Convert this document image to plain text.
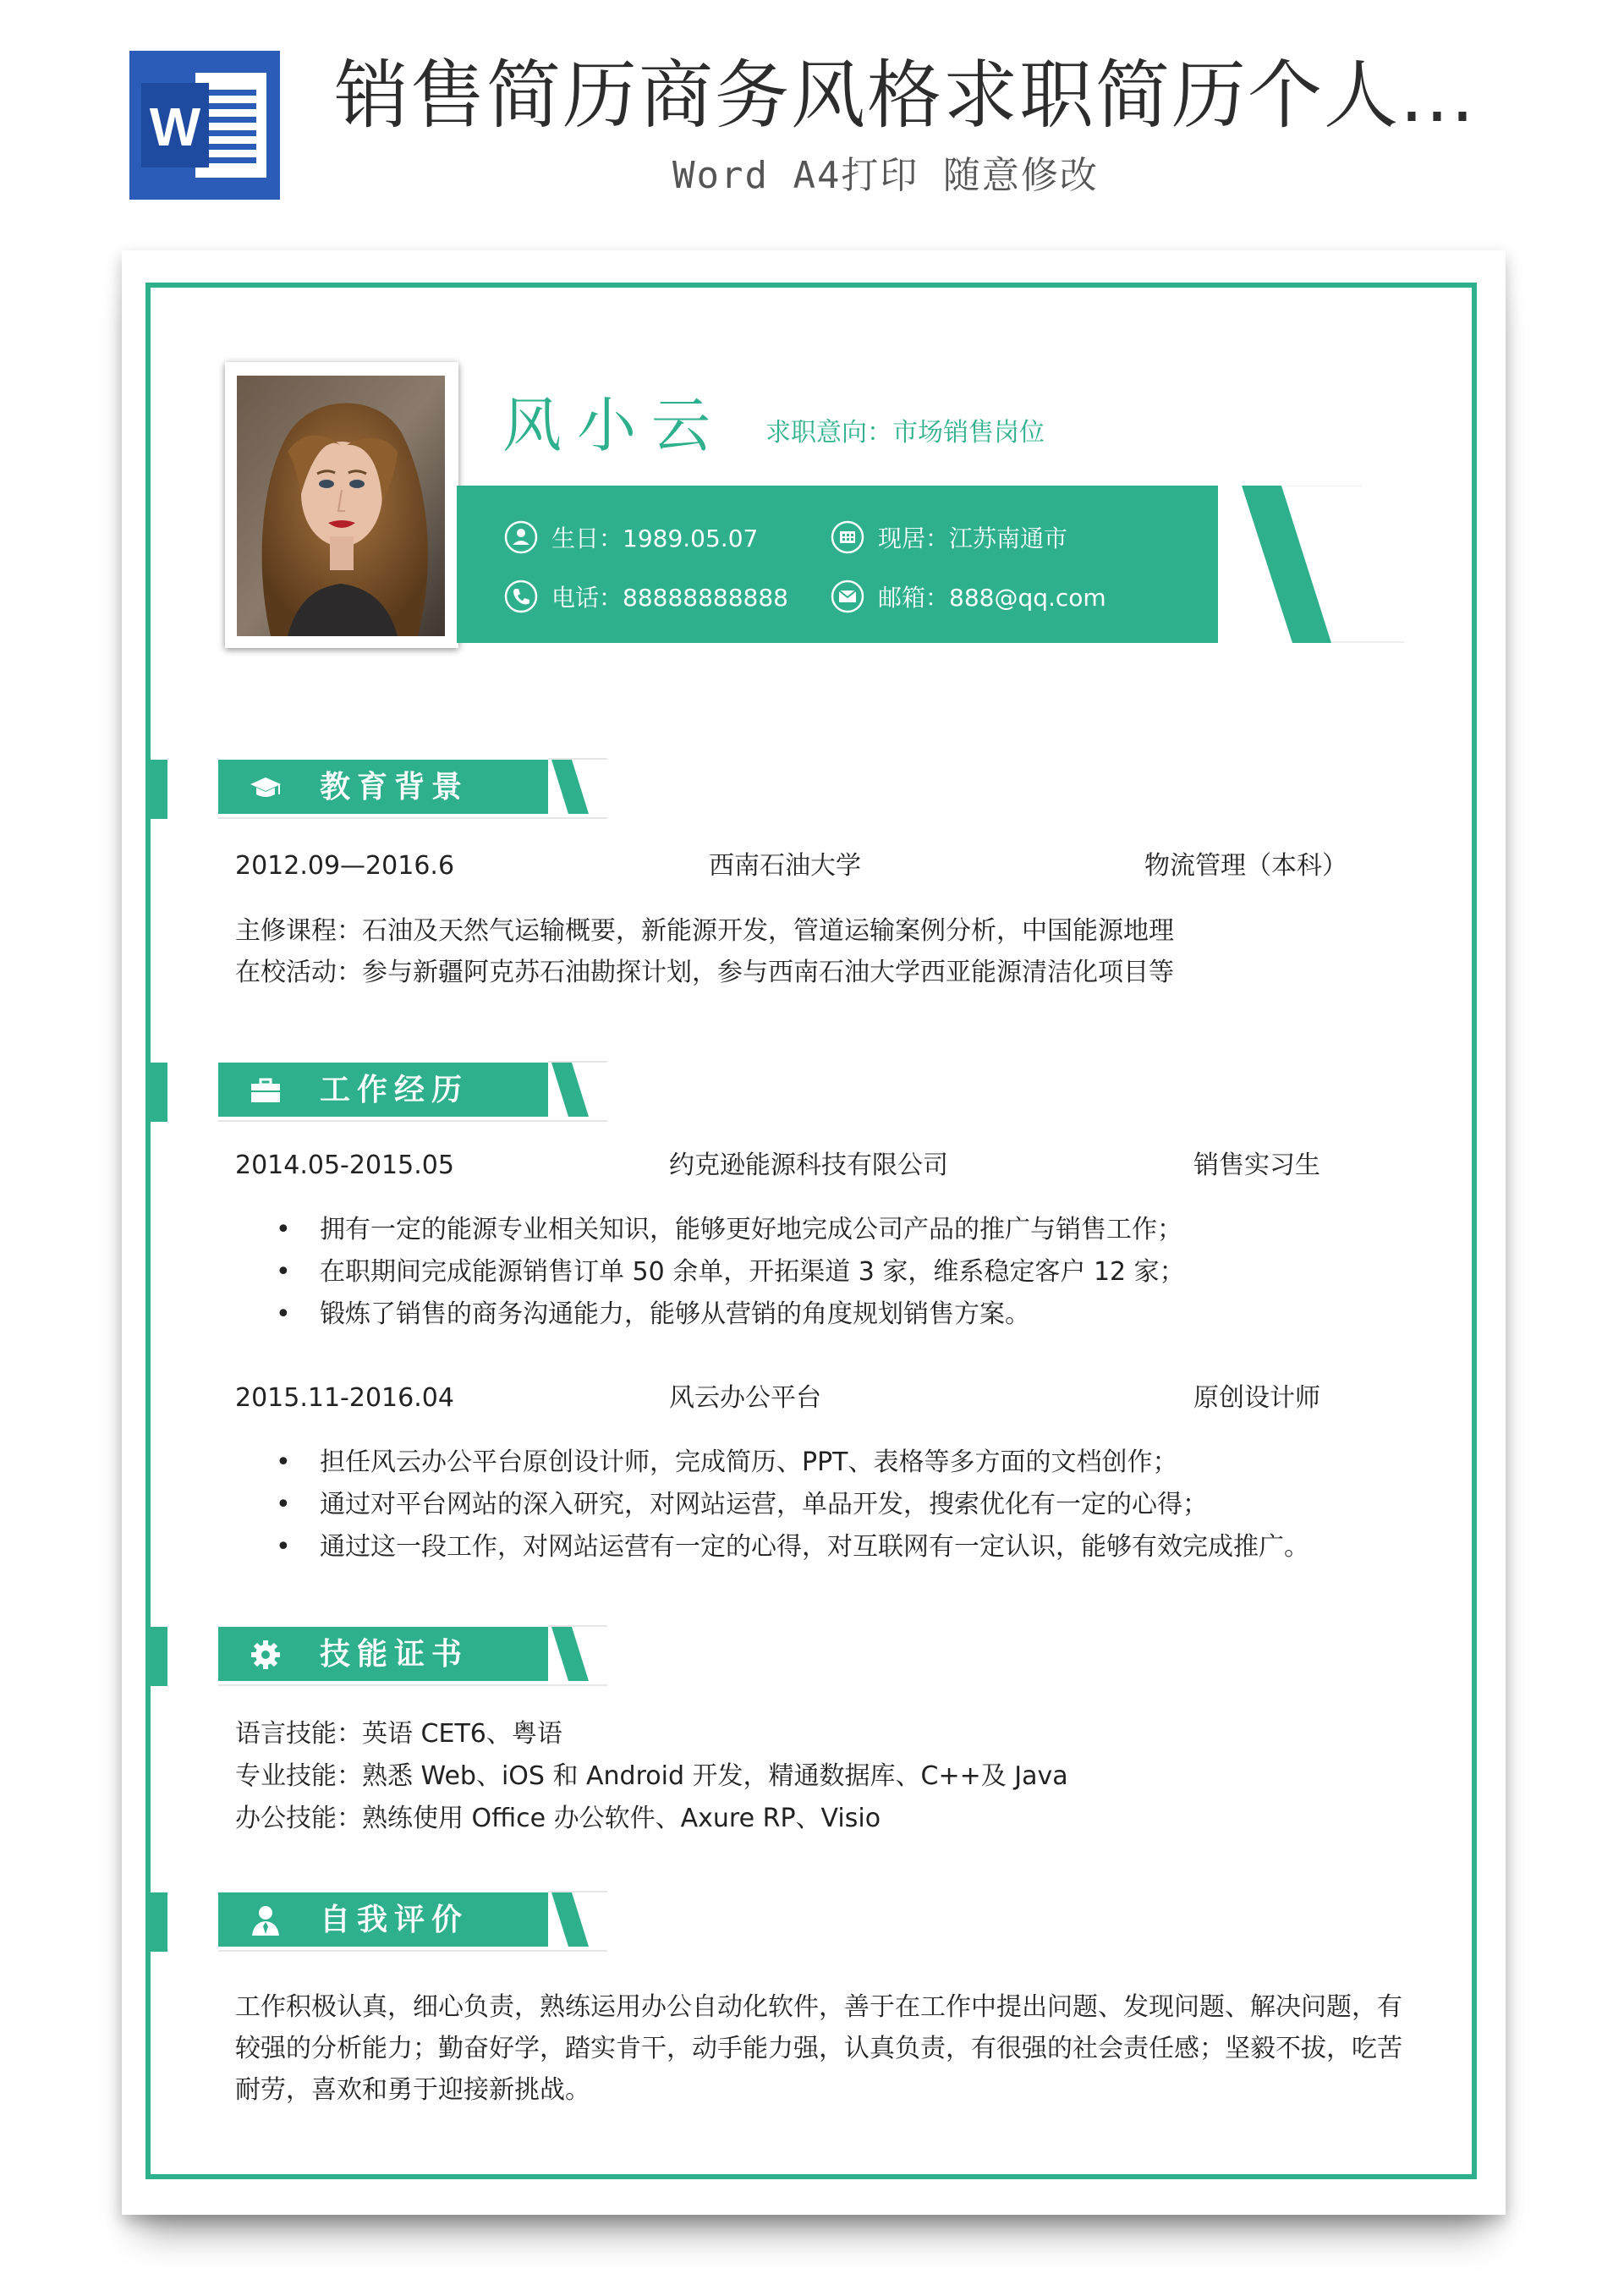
W 销售简历商务风格求职简历个人...
Word A4打印 随意修改
风小云 求职意向：市场销售岗位
生日：1989.05.07	现居：江苏南通市
电话：88888888888	邮箱：888@qq.com
教育背景
2012.09—2016.6	西南石油大学	物流管理（本科）
主修课程：石油及天然气运输概要，新能源开发，管道运输案例分析，中国能源地理
在校活动：参与新疆阿克苏石油勘探计划，参与西南石油大学西亚能源清洁化项目等
工作经历
2014.05-2015.05	约克逊能源科技有限公司	销售实习生
• 拥有一定的能源专业相关知识，能够更好地完成公司产品的推广与销售工作；
• 在职期间完成能源销售订单 50 余单，开拓渠道 3 家，维系稳定客户 12 家；
• 锻炼了销售的商务沟通能力，能够从营销的角度规划销售方案。
2015.11-2016.04	风云办公平台	原创设计师
• 担任风云办公平台原创设计师，完成简历、PPT、表格等多方面的文档创作；
• 通过对平台网站的深入研究，对网站运营，单品开发，搜索优化有一定的心得；
• 通过这一段工作，对网站运营有一定的心得，对互联网有一定认识，能够有效完成推广。
技能证书
语言技能：英语 CET6、粤语
专业技能：熟悉 Web、iOS 和 Android 开发，精通数据库、C++及 Java
办公技能：熟练使用 Office 办公软件、Axure RP、Visio
自我评价
工作积极认真，细心负责，熟练运用办公自动化软件，善于在工作中提出问题、发现问题、解决问题，有较强的分析能力；勤奋好学，踏实肯干，动手能力强，认真负责，有很强的社会责任感；坚毅不拔，吃苦耐劳，喜欢和勇于迎接新挑战。
